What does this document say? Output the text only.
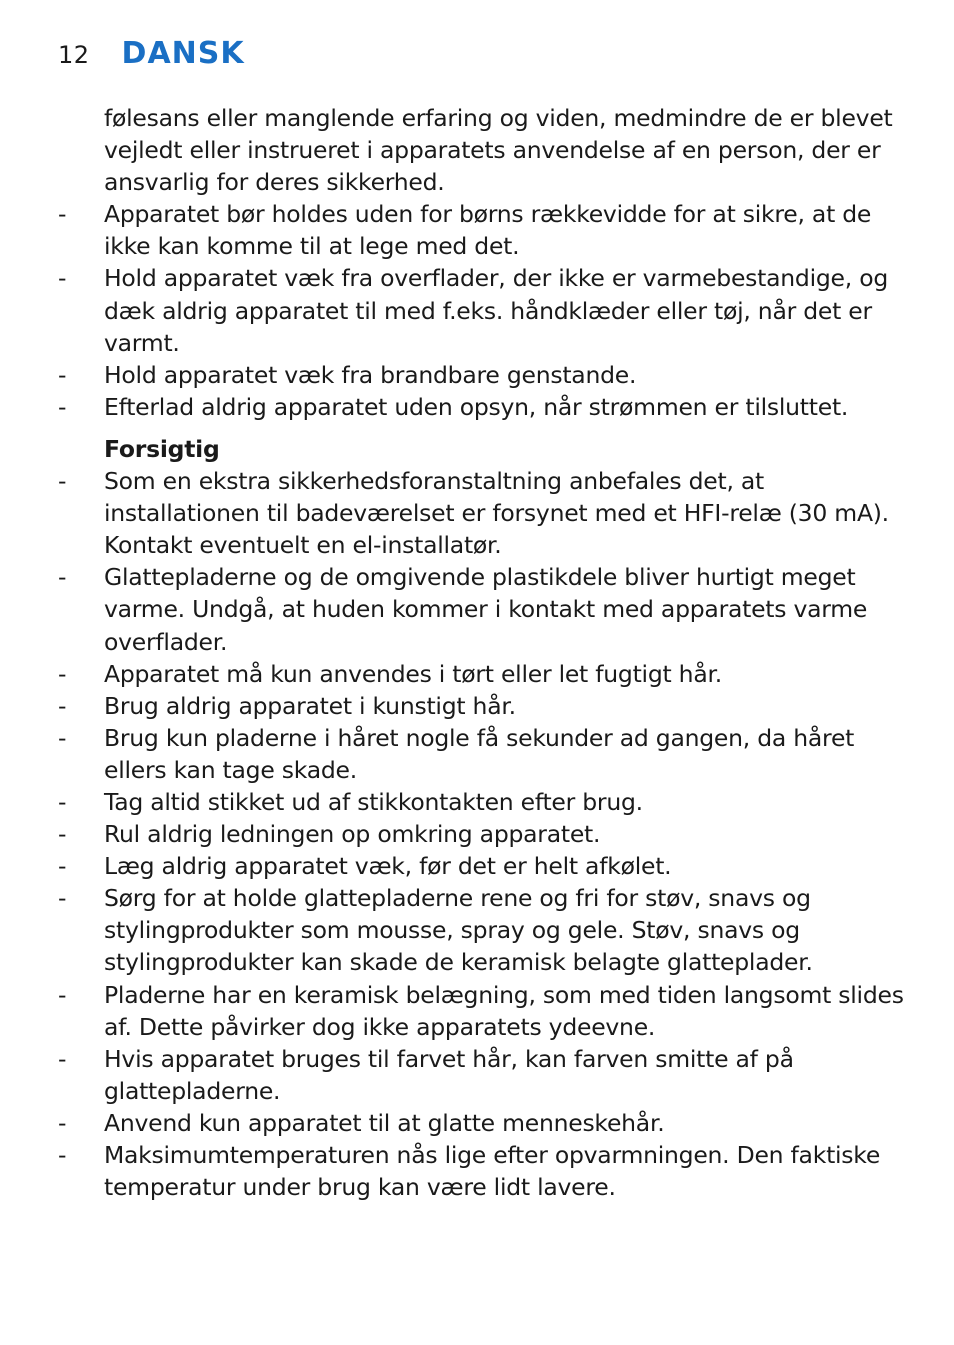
12 DANSK

følesans eller manglende erfaring og viden, medmindre de er blevet vejledt eller instrueret i apparatets anvendelse af en person, der er ansvarlig for deres sikkerhed.

- Apparatet bør holdes uden for børns rækkevidde for at sikre, at de ikke kan komme til at lege med det.
- Hold apparatet væk fra overflader, der ikke er varmebestandige, og dæk aldrig apparatet til med f.eks. håndklæder eller tøj, når det er varmt.
- Hold apparatet væk fra brandbare genstande.
- Efterlad aldrig apparatet uden opsyn, når strømmen er tilsluttet.

Forsigtig

- Som en ekstra sikkerhedsforanstaltning anbefales det, at installationen til badeværelset er forsynet med et HFI-relæ (30 mA). Kontakt eventuelt en el-installatør.
- Glattepladerne og de omgivende plastikdele bliver hurtigt meget varme. Undgå, at huden kommer i kontakt med apparatets varme overflader.
- Apparatet må kun anvendes i tørt eller let fugtigt hår.
- Brug aldrig apparatet i kunstigt hår.
- Brug kun pladerne i håret nogle få sekunder ad gangen, da håret ellers kan tage skade.
- Tag altid stikket ud af stikkontakten efter brug.
- Rul aldrig ledningen op omkring apparatet.
- Læg aldrig apparatet væk, før det er helt afkølet.
- Sørg for at holde glattepladerne rene og fri for støv, snavs og stylingprodukter som mousse, spray og gele. Støv, snavs og stylingprodukter kan skade de keramisk belagte glatteplader.
- Pladerne har en keramisk belægning, som med tiden langsomt slides af. Dette påvirker dog ikke apparatets ydeevne.
- Hvis apparatet bruges til farvet hår, kan farven smitte af på glattepladerne.
- Anvend kun apparatet til at glatte menneskehår.
- Maksimumtemperaturen nås lige efter opvarmningen. Den faktiske temperatur under brug kan være lidt lavere.
